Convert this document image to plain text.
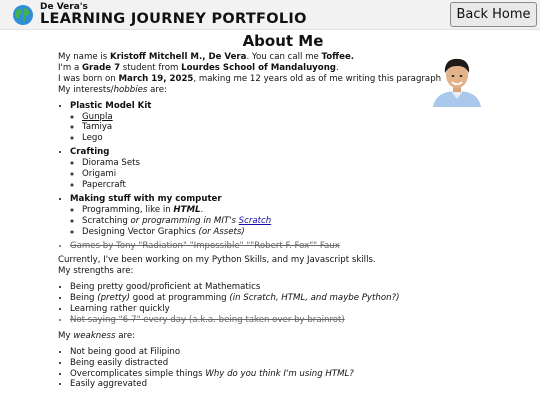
De Vera's
LEARNING JOURNEY PORTFOLIO	Back Home
About Me

My name is Kristoff Mitchell M., De Vera. You can call me Toffee.

I'm a Grade 7 student from Lourdes School of Mandaluyong.

I was born on March 19, 2025, making me 12 years old as of me writing this paragraph

My interests/hobbies are:

• Plastic Model Kit
◦ Gunpla
◦ Tamiya
◦ Lego
• Crafting
◦ Diorama Sets
◦ Origami
◦ Papercraft
• Making stuff with my computer
◦ Programming, like in HTML.
◦ Scratching or programming in MIT's Scratch
◦ Designing Vector Graphics (or Assets)
• Games by Tony "Radiation" "Impossible" ""Robert F. Fox"" Faux

Currently, I've been working on my Python Skills, and my Javascript skills.

My strengths are:

• Being pretty good/proficient at Mathematics
• Being (pretty) good at programming (in Scratch, HTML, and maybe Python?)
• Learning rather quickly
• Not saying "6-7" every day (a.k.a. being taken over by brainrot)

My weakness are:

• Not being good at Filipino
• Being easily distracted
• Overcomplicates simple things Why do you think I'm using HTML?
• Easily aggrevated
